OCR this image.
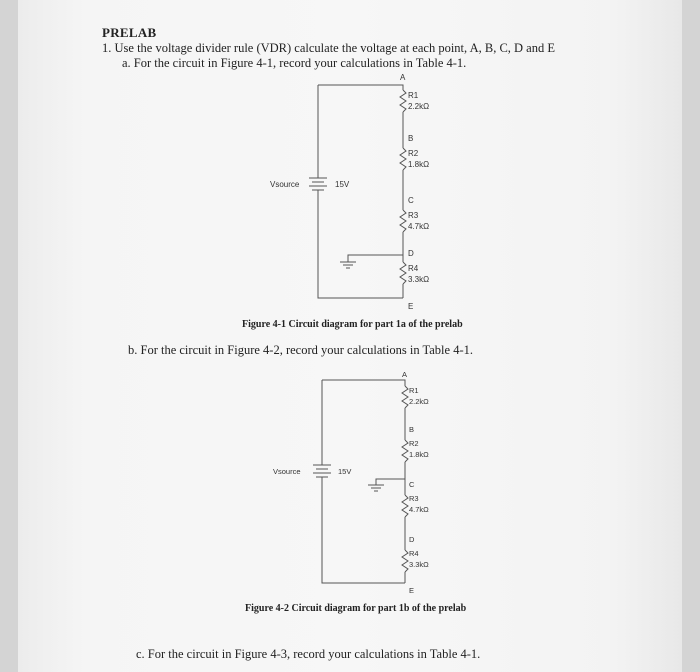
PRELAB
1. Use the voltage divider rule (VDR) calculate the voltage at each point, A, B, C, D and E
a. For the circuit in Figure 4-1, record your calculations in Table 4-1.
A
B
C
D
E
R1
2.2kΩ
R2
1.8kΩ
R3
4.7kΩ
R4
3.3kΩ
Vsource	15V
Figure 4-1 Circuit diagram for part 1a of the prelab
b. For the circuit in Figure 4-2, record your calculations in Table 4-1.
A
B
C
D
E
R1
2.2kΩ
R2
1.8kΩ
R3
4.7kΩ
R4
3.3kΩ
Vsource	15V
Figure 4-2 Circuit diagram for part 1b of the prelab
c. For the circuit in Figure 4-3, record your calculations in Table 4-1.
